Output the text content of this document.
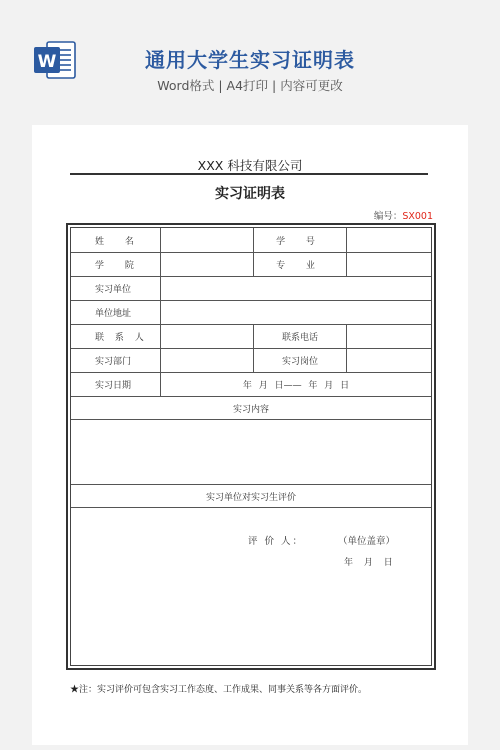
W	通用大学生实习证明表
Word格式 | A4打印 | 内容可更改
XXX 科技有限公司
实习证明表
编号：SX001
姓 名	学 号
学 院	专 业
实习单位
单位地址
联 系 人	联系电话
实习部门	实习岗位
实习日期	年 月 日—— 年 月 日
实习内容
实习单位对实习生评价
评 价 人：	（单位盖章）
年 月 日
★注：实习评价可包含实习工作态度、工作成果、同事关系等各方面评价。
